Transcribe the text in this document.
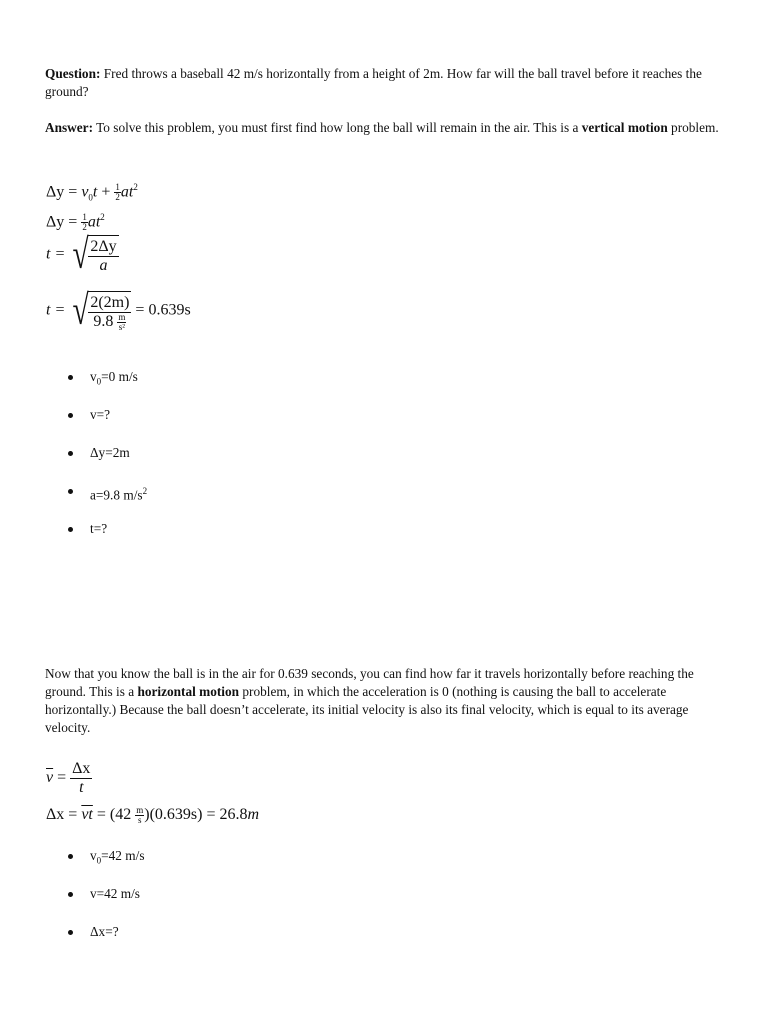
Question: Fred throws a baseball 42 m/s horizontally from a height of 2m. How far will the ball travel before it reaches the ground?

Answer: To solve this problem, you must first find how long the ball will remain in the air. This is a vertical motion problem.

$\Delta y = v_0t + \frac{1}{2} at^2$
$\Delta y = \frac{1}{2} at^2$
t = √ $\frac{2\Delta y}{a}$
t = √ $\frac{2(2m)}{9.8 \frac{m}{\text{s²}}} = 0.639s$
$v_0=0$ m/s
v=?
Δy=2m
a=9.8 $m/s^2$
t=?

Now that you know the ball is in the air for 0.639 seconds, you can find how far it travels horizontally before reaching the ground. This is a horizontal motion problem, in which the acceleration is 0 (nothing is causing the ball to accelerate horizontally.) Because the ball doesn’t accelerate, its initial velocity is also its final velocity, which is equal to its average velocity.

$\overline{v} = \frac{\Delta x}{t}$
$\Delta x = \overline{vt} = (42 \frac{m}{s} )(0.639s) = 26.8m$
$v_0=42$ m/s
v=42 m/s
Δx=?
